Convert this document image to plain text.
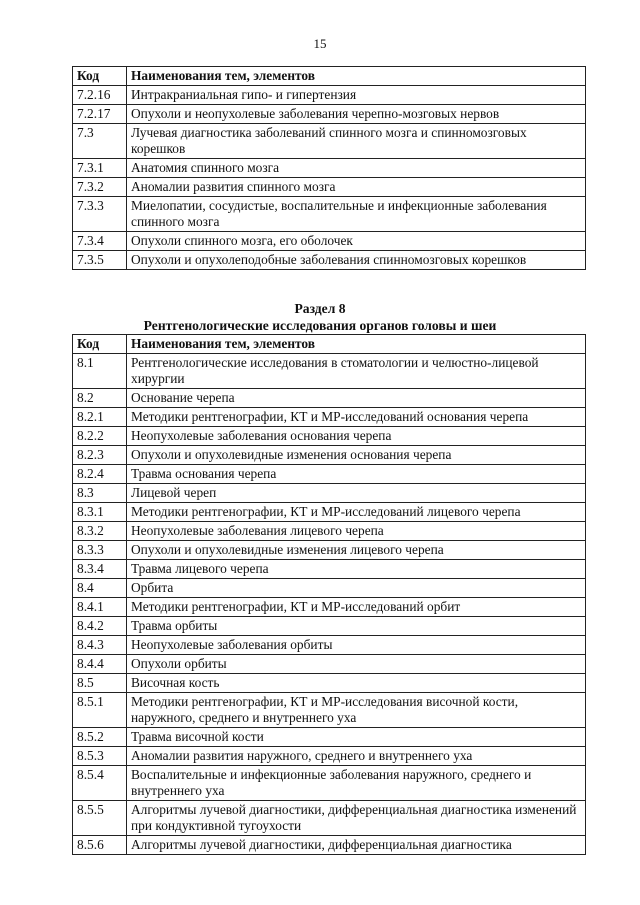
15
Код	Наименования тем, элементов
7.2.16	Интракраниальная гипо- и гипертензия
7.2.17	Опухоли и неопухолевые заболевания черепно-мозговых нервов
7.3	Лучевая диагностика заболеваний спинного мозга и спинномозговых корешков
7.3.1	Анатомия спинного мозга
7.3.2	Аномалии развития спинного мозга
7.3.3	Миелопатии, сосудистые, воспалительные и инфекционные заболевания спинного мозга
7.3.4	Опухоли спинного мозга, его оболочек
7.3.5	Опухоли и опухолеподобные заболевания спинномозговых корешков
Раздел 8
Рентгенологические исследования органов головы и шеи
Код	Наименования тем, элементов
8.1	Рентгенологические исследования в стоматологии и челюстно-лицевой хирургии
8.2	Основание черепа
8.2.1	Методики рентгенографии, КТ и МР-исследований основания черепа
8.2.2	Неопухолевые заболевания основания черепа
8.2.3	Опухоли и опухолевидные изменения основания черепа
8.2.4	Травма основания черепа
8.3	Лицевой череп
8.3.1	Методики рентгенографии, КТ и МР-исследований лицевого черепа
8.3.2	Неопухолевые заболевания лицевого черепа
8.3.3	Опухоли и опухолевидные изменения лицевого черепа
8.3.4	Травма лицевого черепа
8.4	Орбита
8.4.1	Методики рентгенографии, КТ и МР-исследований орбит
8.4.2	Травма орбиты
8.4.3	Неопухолевые заболевания орбиты
8.4.4	Опухоли орбиты
8.5	Височная кость
8.5.1	Методики рентгенографии, КТ и МР-исследования височной кости, наружного, среднего и внутреннего уха
8.5.2	Травма височной кости
8.5.3	Аномалии развития наружного, среднего и внутреннего уха
8.5.4	Воспалительные и инфекционные заболевания наружного, среднего и внутреннего уха
8.5.5	Алгоритмы лучевой диагностики, дифференциальная диагностика изменений при кондуктивной тугоухости
8.5.6	Алгоритмы лучевой диагностики, дифференциальная диагностика
